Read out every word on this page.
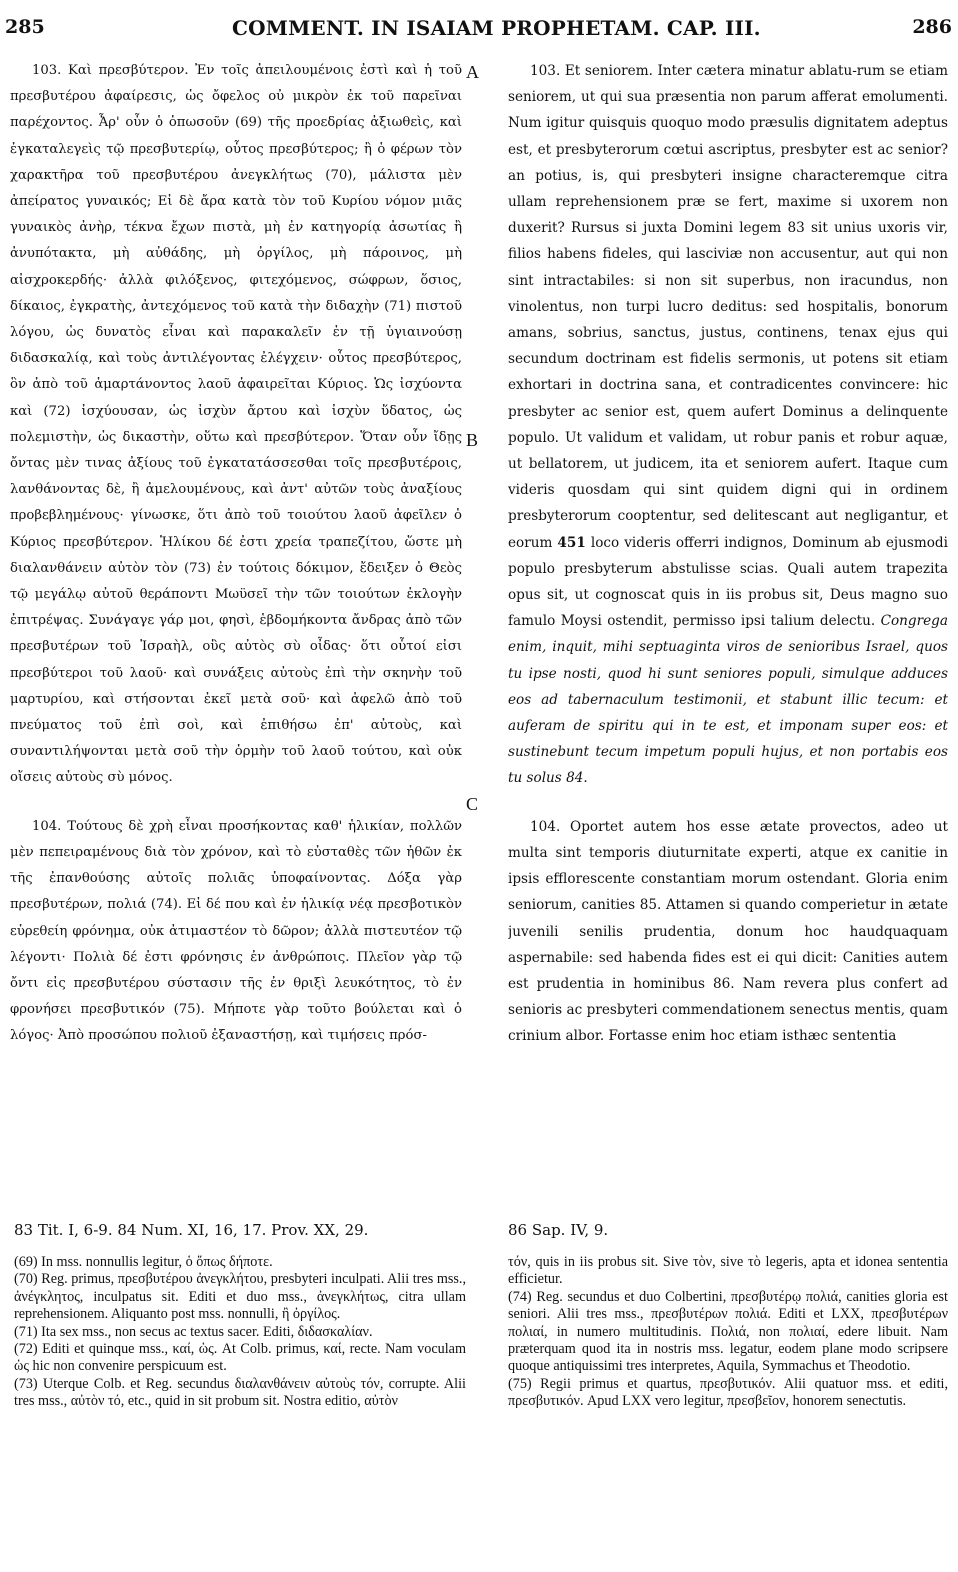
285	COMMENT. IN ISAIAM PROPHETAM. CAP. III.	286
A
B
C

103. Καὶ πρεσβύτερον. Ἐν τοῖς ἀπειλουμένοις ἐστὶ καὶ ἡ τοῦ πρεσβυτέρου ἀφαίρεσις, ὡς ὄφελος οὐ μικρὸν ἐκ τοῦ παρεῖναι παρέχοντος. Ἆρ' οὖν ὁ ὁπωσοῦν (69) τῆς προεδρίας ἀξιωθεὶς, καὶ ἐγκαταλεγεὶς τῷ πρεσβυτερίῳ, οὗτος πρεσβύτερος; ἢ ὁ φέρων τὸν χαρακτῆρα τοῦ πρεσβυτέρου ἀνεγκλήτως (70), μάλιστα μὲν ἀπείρατος γυναικός; Εἰ δὲ ἄρα κατὰ τὸν τοῦ Κυρίου νόμον μιᾶς γυναικὸς ἀνὴρ, τέκνα ἔχων πιστὰ, μὴ ἐν κατηγορίᾳ ἀσωτίας ἢ ἀνυπότακτα, μὴ αὐθάδης, μὴ ὀργίλος, μὴ πάροινος, μὴ αἰσχροκερδής· ἀλλὰ φιλόξενος, φιτεχόμενος, σώφρων, ὅσιος, δίκαιος, ἐγκρατὴς, ἀντεχόμενος τοῦ κατὰ τὴν διδαχὴν (71) πιστοῦ λόγου, ὡς δυνατὸς εἶναι καὶ παρακαλεῖν ἐν τῇ ὑγιαινούσῃ διδασκαλίᾳ, καὶ τοὺς ἀντιλέγοντας ἐλέγχειν· οὗτος πρεσβύτερος, ὃν ἀπὸ τοῦ ἁμαρτάνοντος λαοῦ ἀφαιρεῖται Κύριος. Ὡς ἰσχύοντα καὶ (72) ἰσχύουσαν, ὡς ἰσχὺν ἄρτου καὶ ἰσχὺν ὕδατος, ὡς πολεμιστὴν, ὡς δικαστὴν, οὕτω καὶ πρεσβύτερον. Ὅταν οὖν ἴδῃς ὄντας μὲν τινας ἀξίους τοῦ ἐγκατατάσσεσθαι τοῖς πρεσβυτέροις, λανθάνοντας δὲ, ἢ ἀμελουμένους, καὶ ἀντ' αὐτῶν τοὺς ἀναξίους προβεβλημένους· γίνωσκε, ὅτι ἀπὸ τοῦ τοιούτου λαοῦ ἀφεῖλεν ὁ Κύριος πρεσβύτερον. Ἡλίκου δέ ἐστι χρεία τραπεζίτου, ὥστε μὴ διαλανθάνειν αὐτὸν τὸν (73) ἐν τούτοις δόκιμον, ἔδειξεν ὁ Θεὸς τῷ μεγάλῳ αὐτοῦ θεράποντι Μωϋσεῖ τὴν τῶν τοιούτων ἐκλογὴν ἐπιτρέψας. Συνάγαγε γάρ μοι, φησὶ, ἑβδομήκοντα ἄνδρας ἀπὸ τῶν πρεσβυτέρων τοῦ Ἰσραὴλ, οὓς αὐτὸς σὺ οἶδας· ὅτι οὗτοί εἰσι πρεσβύτεροι τοῦ λαοῦ· καὶ συνάξεις αὐτοὺς ἐπὶ τὴν σκηνὴν τοῦ μαρτυρίου, καὶ στήσονται ἐκεῖ μετὰ σοῦ· καὶ ἀφελῶ ἀπὸ τοῦ πνεύματος τοῦ ἐπὶ σοὶ, καὶ ἐπιθήσω ἐπ' αὐτοὺς, καὶ συναντιλήψονται μετὰ σοῦ τὴν ὁρμὴν τοῦ λαοῦ τούτου, καὶ οὐκ οἴσεις αὐτοὺς σὺ μόνος.

104. Τούτους δὲ χρὴ εἶναι προσήκοντας καθ' ἡλικίαν, πολλῶν μὲν πεπειραμένους διὰ τὸν χρόνον, καὶ τὸ εὐσταθὲς τῶν ἠθῶν ἐκ τῆς ἐπανθούσης αὐτοῖς πολιᾶς ὑποφαίνοντας. Δόξα γὰρ πρεσβυτέρων, πολιά (74). Εἰ δέ που καὶ ἐν ἡλικίᾳ νέᾳ πρεσβοτικὸν εὑρεθείη φρόνημα, οὐκ ἀτιμαστέον τὸ δῶρον; ἀλλὰ πιστευτέον τῷ λέγοντι· Πολιὰ δέ ἐστι φρόνησις ἐν ἀνθρώποις. Πλεῖον γὰρ τῷ ὄντι εἰς πρεσβυτέρου σύστασιν τῆς ἐν θριξὶ λευκότητος, τὸ ἐν φρονήσει πρεσβυτικόν (75). Μήποτε γὰρ τοῦτο βούλεται καὶ ὁ λόγος· Ἀπὸ προσώπου πολιοῦ ἐξαναστήσῃ, καὶ τιμήσεις πρόσ-

103. Et seniorem. Inter cætera minatur ablatu-rum se etiam seniorem, ut qui sua præsentia non parum afferat emolumenti. Num igitur quisquis quoquo modo præsulis dignitatem adeptus est, et presbyterorum cœtui ascriptus, presbyter est ac senior? an potius, is, qui presbyteri insigne characteremque citra ullam reprehensionem præ se fert, maxime si uxorem non duxerit? Rursus si juxta Domini legem 83 sit unius uxoris vir, filios habens fideles, qui lasciviæ non accusentur, aut qui non sint intractabiles: si non sit superbus, non iracundus, non vinolentus, non turpi lucro deditus: sed hospitalis, bonorum amans, sobrius, sanctus, justus, continens, tenax ejus qui secundum doctrinam est fidelis sermonis, ut potens sit etiam exhortari in doctrina sana, et contradicentes convincere: hic presbyter ac senior est, quem aufert Dominus a delinquente populo. Ut validum et validam, ut robur panis et robur aquæ, ut bellatorem, ut judicem, ita et seniorem aufert. Itaque cum videris quosdam qui sint quidem digni qui in ordinem presbyterorum cooptentur, sed delitescant aut negligantur, et eorum 451 loco videris offerri indignos, Dominum ab ejusmodi populo presbyterum abstulisse scias. Quali autem trapezita opus sit, ut cognoscat quis in iis probus sit, Deus magno suo famulo Moysi ostendit, permisso ipsi talium delectu. Congrega enim, inquit, mihi septuaginta viros de senioribus Israel, quos tu ipse nosti, quod hi sunt seniores populi, simulque adduces eos ad tabernaculum testimonii, et stabunt illic tecum: et auferam de spiritu qui in te est, et imponam super eos: et sustinebunt tecum impetum populi hujus, et non portabis eos tu solus 84.

104. Oportet autem hos esse ætate provectos, adeo ut multa sint temporis diuturnitate experti, atque ex canitie in ipsis efflorescente constantiam morum ostendant. Gloria enim seniorum, canities 85. Attamen si quando comperietur in ætate juvenili senilis prudentia, donum hoc haudquaquam aspernabile: sed habenda fides est ei qui dicit: Canities autem est prudentia in hominibus 86. Nam revera plus confert ad senioris ac presbyteri commendationem senectus mentis, quam crinium albor. Fortasse enim hoc etiam isthæc sententia

83 Tit. I, 6-9. 84 Num. XI, 16, 17. Prov. XX, 29.	86 Sap. IV, 9.

(69) In mss. nonnullis legitur, ὁ ὅπως δήποτε.

(70) Reg. primus, πρεσβυτέρου ἀνεγκλήτου, presbyteri inculpati. Alii tres mss., ἀνέγκλητος, inculpatus sit. Editi et duo mss., ἀνεγκλήτως, citra ullam reprehensionem. Aliquanto post mss. nonnulli, ἢ ὀργίλος.

(71) Ita sex mss., non secus ac textus sacer. Editi, διδασκαλίαν.

(72) Editi et quinque mss., καί, ὡς. At Colb. primus, καί, recte. Nam voculam ὡς hic non convenire perspicuum est.

(73) Uterque Colb. et Reg. secundus διαλανθάνειν αὐτοὺς τόν, corrupte. Alii tres mss., αὐτὸν τό, etc., quid in sit probum sit. Nostra editio, αὐτὸν

τόν, quis in iis probus sit. Sive τὸν, sive τὸ legeris, apta et idonea sententia efficietur.

(74) Reg. secundus et duo Colbertini, πρεσβυτέρῳ πολιά, canities gloria est seniori. Alii tres mss., πρεσβυτέρων πολιά. Editi et LXX, πρεσβυτέρων πολιαί, in numero multitudinis. Πολιά, non πολιαί, edere libuit. Nam præterquam quod ita in nostris mss. legatur, eodem plane modo scripsere quoque antiquissimi tres interpretes, Aquila, Symmachus et Theodotio.

(75) Regii primus et quartus, πρεσβυτικόν. Alii quatuor mss. et editi, πρεσβυτικόν. Apud LXX vero legitur, πρεσβεῖον, honorem senectutis.
